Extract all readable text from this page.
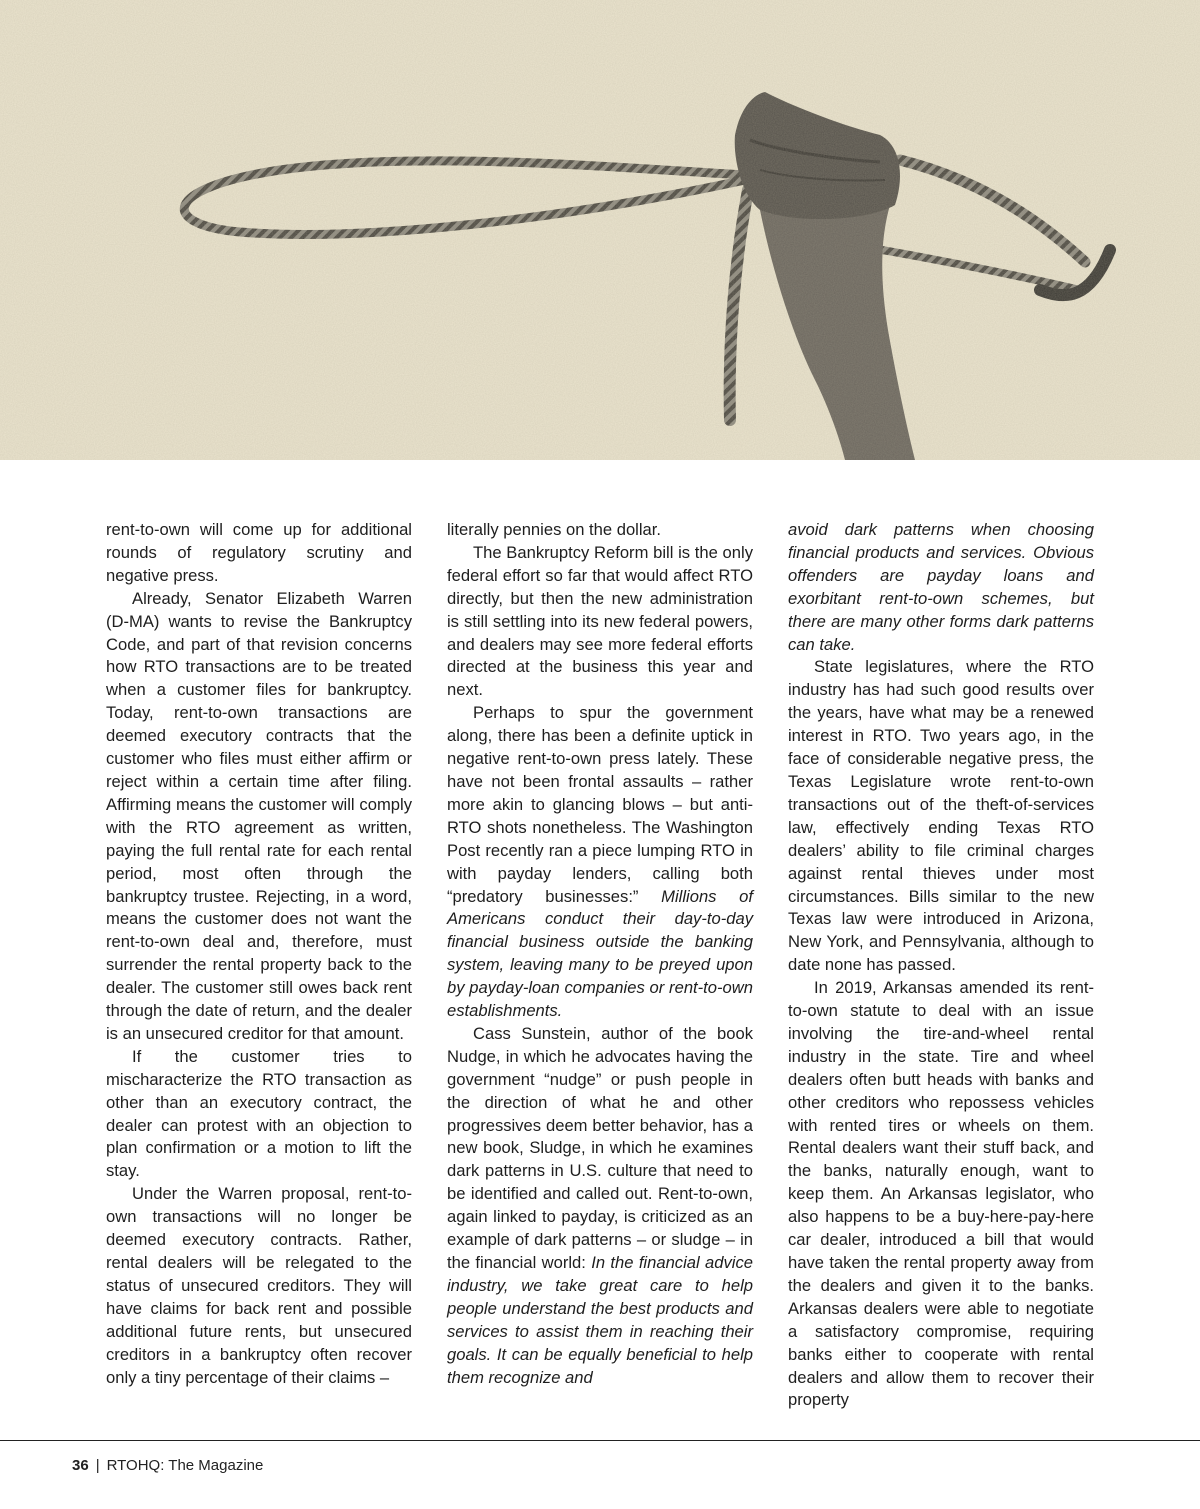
rent-to-own will come up for additional rounds of regulatory scrutiny and negative press.

Already, Senator Elizabeth Warren (D-MA) wants to revise the Bankruptcy Code, and part of that revision concerns how RTO transactions are to be treated when a customer files for bankruptcy. Today, rent-to-own transactions are deemed executory contracts that the customer who files must either affirm or reject within a certain time after filing. Affirming means the customer will comply with the RTO agreement as written, paying the full rental rate for each rental period, most often through the bankruptcy trustee. Rejecting, in a word, means the customer does not want the rent-to-own deal and, therefore, must surrender the rental property back to the dealer. The customer still owes back rent through the date of return, and the dealer is an unsecured creditor for that amount.

If the customer tries to mischaracterize the RTO transaction as other than an executory contract, the dealer can protest with an objection to plan confirmation or a motion to lift the stay.

Under the Warren proposal, rent-to-own transactions will no longer be deemed executory contracts. Rather, rental dealers will be relegated to the status of unsecured creditors. They will have claims for back rent and possible additional future rents, but unsecured creditors in a bankruptcy often recover only a tiny percentage of their claims –

literally pennies on the dollar.

The Bankruptcy Reform bill is the only federal effort so far that would affect RTO directly, but then the new administration is still settling into its new federal powers, and dealers may see more federal efforts directed at the business this year and next.

Perhaps to spur the government along, there has been a definite uptick in negative rent-to-own press lately. These have not been frontal assaults – rather more akin to glancing blows – but anti-RTO shots nonetheless. The Washington Post recently ran a piece lumping RTO in with payday lenders, calling both “predatory businesses:” Millions of Americans conduct their day-to-day financial business outside the banking system, leaving many to be preyed upon by payday-loan companies or rent-to-own establishments.

Cass Sunstein, author of the book Nudge, in which he advocates having the government “nudge” or push people in the direction of what he and other progressives deem better behavior, has a new book, Sludge, in which he examines dark patterns in U.S. culture that need to be identified and called out. Rent-to-own, again linked to payday, is criticized as an example of dark patterns – or sludge – in the financial world: In the financial advice industry, we take great care to help people understand the best products and services to assist them in reaching their goals. It can be equally beneficial to help them recognize and

avoid dark patterns when choosing financial products and services. Obvious offenders are payday loans and exorbitant rent-to-own schemes, but there are many other forms dark patterns can take.

State legislatures, where the RTO industry has had such good results over the years, have what may be a renewed interest in RTO. Two years ago, in the face of considerable negative press, the Texas Legislature wrote rent-to-own transactions out of the theft-of-services law, effectively ending Texas RTO dealers’ ability to file criminal charges against rental thieves under most circumstances. Bills similar to the new Texas law were introduced in Arizona, New York, and Pennsylvania, although to date none has passed.

In 2019, Arkansas amended its rent-to-own statute to deal with an issue involving the tire-and-wheel rental industry in the state. Tire and wheel dealers often butt heads with banks and other creditors who repossess vehicles with rented tires or wheels on them. Rental dealers want their stuff back, and the banks, naturally enough, want to keep them. An Arkansas legislator, who also happens to be a buy-here-pay-here car dealer, introduced a bill that would have taken the rental property away from the dealers and given it to the banks. Arkansas dealers were able to negotiate a satisfactory compromise, requiring banks either to cooperate with rental dealers and allow them to recover their property

36 | RTOHQ: The Magazine
